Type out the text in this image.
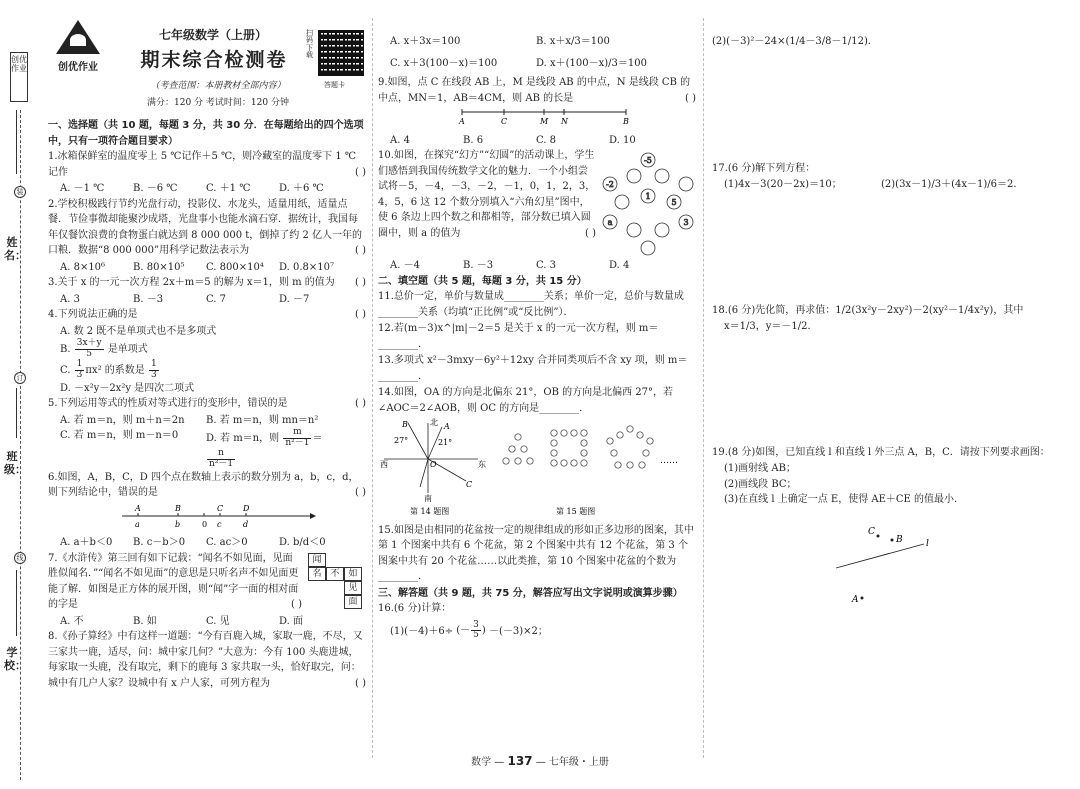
创优作业
装
订
线
姓名：
班级：
学校：
创优作业
七年级数学（上册）
期末综合检测卷
扫码下载
答题卡
（考查范围：本册教材全部内容）
满分：120 分 考试时间：120 分钟
一、选择题（共 10 题，每题 3 分，共 30 分．在每题给出的四个选项中，只有一项符合题目要求）
1.冰箱保鲜室的温度零上 5 ℃记作＋5 ℃，则冷藏室的温度零下 1 ℃记作	( )
A. －1 ℃	B. －6 ℃	C. ＋1 ℃	D. ＋6 ℃
2.学校积极践行节约光盘行动，投影仪、水龙头，适量用纸，适量点餐．节俭事微却能聚沙成塔，光盘事小也能水滴石穿．据统计，我国每年仅餐饮浪费的食物蛋白就达到 8 000 000 t，倒掉了约 2 亿人一年的口粮．数据“8 000 000”用科学记数法表示为	( )
A. 8×10⁶	B. 80×10⁵	C. 800×10⁴	D. 0.8×10⁷
3.关于 x 的一元一次方程 2x＋m＝5 的解为 x＝1，则 m 的值为 ( )
A. 3	B. －3	C. 7	D. －7
4.下列说法正确的是	( )
A. 数 2 既不是单项式也不是多项式
B. $\frac{3x+y}{5}$ 是单项式
C. $\frac{1}{3} \pi x^2$ 的系数是 $\frac{1}{3}$
D. －x²y－2x²y 是四次二项式
5.下列运用等式的性质对等式进行的变形中，错误的是	( )
A. 若 m＝n，则 m＋n＝2n	B. 若 m＝n，则 mn＝n²
C. 若 m＝n，则 m－n＝0	D. 若 m＝n，则 $\frac{m}{\text{n²－1}}$ ＝
$\frac{n}{\text{n²－1}}$
6.如图，A，B，C，D 四个点在数轴上表示的数分别为 a，b，c，d，则下列结论中，错误的是	( )
A
a
B
b	0
C
c
D
d
A. a＋b＜0	B. c－b＞0	C. ac＞0	D. b/d＜0
闻
名 不 如
见
面
7.《水浒传》第三回有如下记载：“闻名不如见面，见面胜似闻名．”“闻名不如见面”的意思是只听名声不如见面更能了解．如图是正方体的展开图，则“闻”字一面的相对面的字是	( )
A. 不	B. 如	C. 见	D. 面
8.《孙子算经》中有这样一道题：“今有百鹿入城，家取一鹿，不尽，又三家共一鹿，适尽，问：城中家几何？”大意为：今有 100 头鹿进城，每家取一头鹿，没有取完，剩下的鹿每 3 家共取一头，恰好取完，问：城中有几户人家？设城中有 x 户人家，可列方程为	( )
A. x＋3x＝100	B. x＋x/3＝100
C. x＋3(100－x)＝100	D. x＋(100－x)/3＝100
9.如图，点 C 在线段 AB 上，M 是线段 AB 的中点，N 是线段 CB 的中点，MN＝1，AB＝4CM，则 AB 的长是	( )
A	C	M N	B
A. 4	B. 6	C. 8	D. 10
-5
-2
5
1
a	3
10.如图，在探究“幻方”“幻圆”的活动课上，学生们感悟到我国传统数学文化的魅力．一个小组尝试将－5，－4，－3，－2，－1，0，1，2，3，4，5，6 这 12 个数分别填入“六角幻星”图中，使 6 条边上四个数之和都相等，部分数已填入圆圈中，则 a 的值为	( )
A. －4	B. －3	C. 3	D. 4
二、填空题（共 5 题，每题 3 分，共 15 分）
11.总价一定，单价与数量成________关系；单价一定，总价与数量成________关系（均填“正比例”或“反比例”）．
12.若(m－3)x^|m|－2＝5 是关于 x 的一元一次方程，则 m＝________．
13.多项式 x²－3mxy－6y²＋12xy 合并同类项后不含 xy 项，则 m＝________．
14.如图，OA 的方向是北偏东 21°，OB 的方向是北偏西 27°，若∠AOC＝2∠AOB，则 OC 的方向是________．
北
东
西
南
27°	21°
A
B
C
O
第 14 题图
……
第 15 题图
15.如图是由相同的花盆按一定的规律组成的形如正多边形的图案，其中第 1 个图案中共有 6 个花盆，第 2 个图案中共有 12 个花盆，第 3 个图案中共有 20 个花盆……以此类推，第 10 个图案中花盆的个数为________．
三、解答题（共 9 题，共 75 分，解答应写出文字说明或演算步骤）
16.(6 分)计算：
(1)(－4)＋6÷ (－ $\frac{3}{5}$ ) －(－3)×2；
(2)(－3)²－24×(1/4－3/8－1/12)．
17.(6 分)解下列方程：
(1)4x－3(20－2x)＝10；	(2)(3x－1)/3＋(4x－1)/6＝2．
18.(6 分)先化简，再求值：1/2(3x²y－2xy²)－2(xy²－1/4x²y)，其中
x＝1/3，y＝－1/2．
19.(8 分)如图，已知直线 l 和直线 l 外三点 A，B，C．请按下列要求画图：
(1)画射线 AB；
(2)画线段 BC；
(3)在直线 l 上确定一点 E，使得 AE＋CE 的值最小．
C
B	l
A
数学 — 137 — 七年级・上册
